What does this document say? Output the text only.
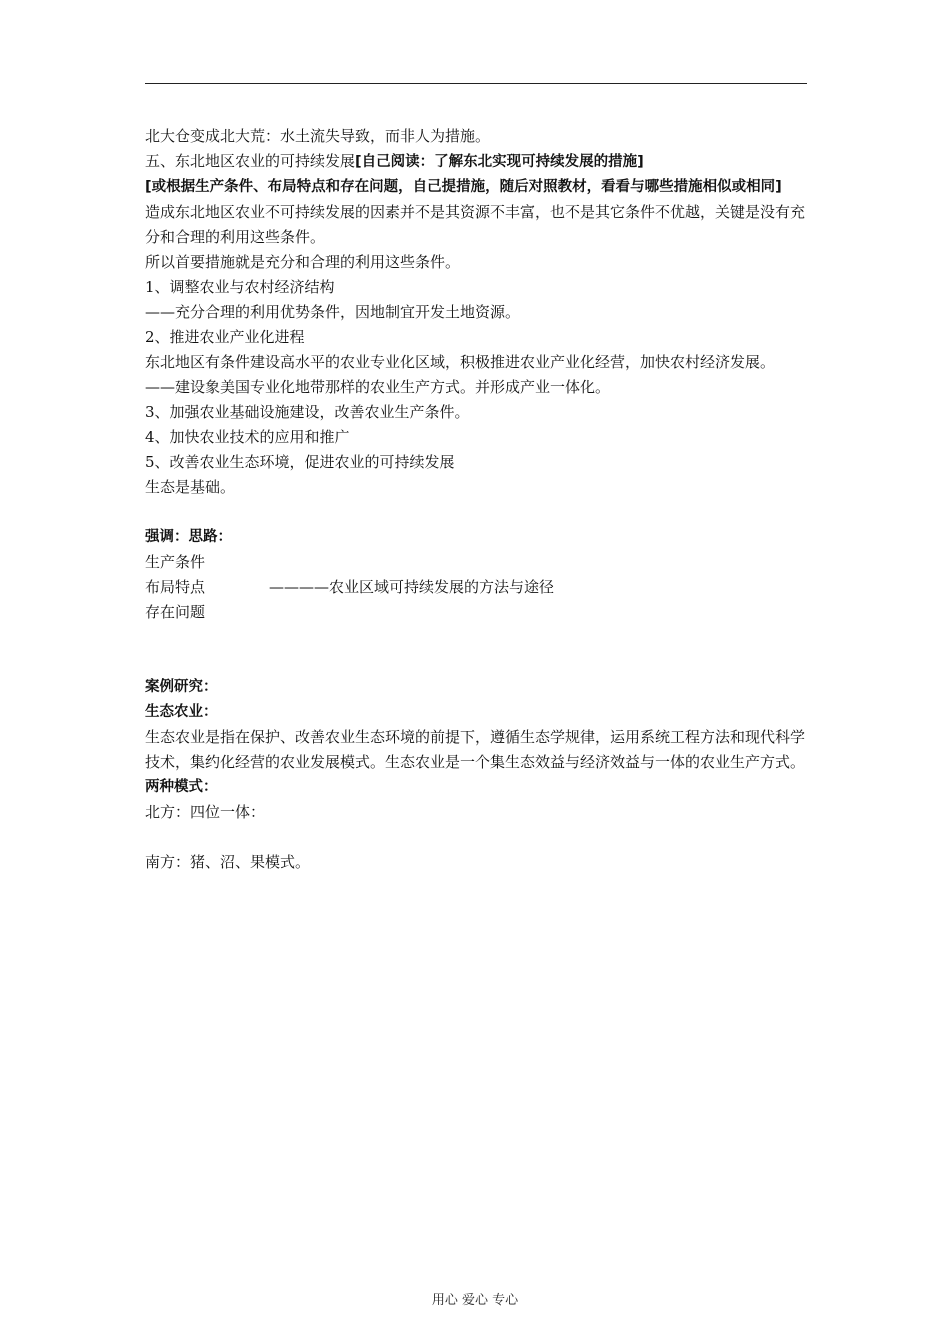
北大仓变成北大荒：水土流失导致，而非人为措施。

五、东北地区农业的可持续发展[自己阅读：了解东北实现可持续发展的措施]

[或根据生产条件、布局特点和存在问题，自己提措施，随后对照教材，看看与哪些措施相似或相同]

造成东北地区农业不可持续发展的因素并不是其资源不丰富，也不是其它条件不优越，关键是没有充分和合理的利用这些条件。

所以首要措施就是充分和合理的利用这些条件。

1、调整农业与农村经济结构

——充分合理的利用优势条件，因地制宜开发土地资源。

2、推进农业产业化进程

东北地区有条件建设高水平的农业专业化区域，积极推进农业产业化经营，加快农村经济发展。

——建设象美国专业化地带那样的农业生产方式。并形成产业一体化。

3、加强农业基础设施建设，改善农业生产条件。

4、加快农业技术的应用和推广

5、改善农业生态环境，促进农业的可持续发展

生态是基础。

强调：思路：

生产条件

布局特点	————农业区域可持续发展的方法与途径

存在问题

案例研究：

生态农业：

生态农业是指在保护、改善农业生态环境的前提下，遵循生态学规律，运用系统工程方法和现代科学技术，集约化经营的农业发展模式。生态农业是一个集生态效益与经济效益与一体的农业生产方式。

两种模式：

北方：四位一体：

南方：猪、沼、果模式。

用心 爱心 专心
